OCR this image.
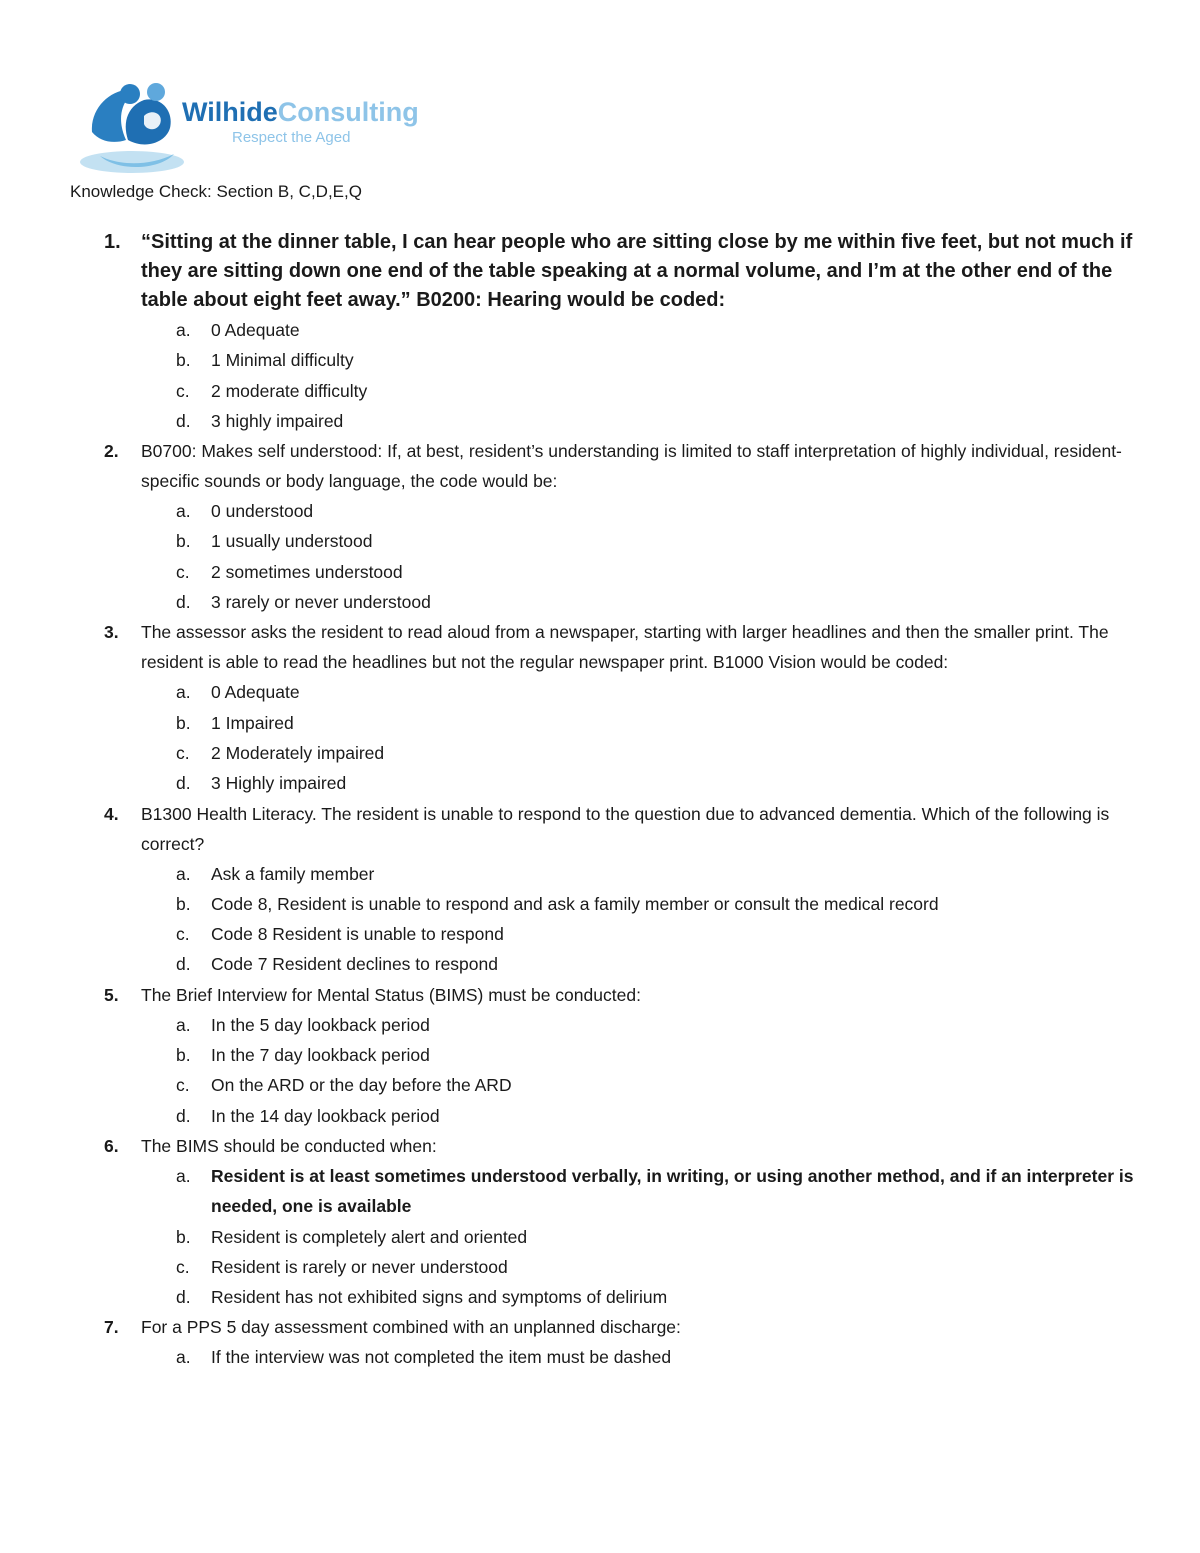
WilhideConsulting
Respect the Aged
Knowledge Check: Section B, C,D,E,Q
1. “Sitting at the dinner table, I can hear people who are sitting close by me within five feet, but not much if they are sitting down one end of the table speaking at a normal volume, and I’m at the other end of the table about eight feet away.” B0200: Hearing would be coded:
a. 0 Adequate
b. 1 Minimal difficulty
c. 2 moderate difficulty
d. 3 highly impaired
2. B0700: Makes self understood: If, at best, resident’s understanding is limited to staff interpretation of highly individual, resident-specific sounds or body language, the code would be:
a. 0 understood
b. 1 usually understood
c. 2 sometimes understood
d. 3 rarely or never understood
3. The assessor asks the resident to read aloud from a newspaper, starting with larger headlines and then the smaller print. The resident is able to read the headlines but not the regular newspaper print. B1000 Vision would be coded:
a. 0 Adequate
b. 1 Impaired
c. 2 Moderately impaired
d. 3 Highly impaired
4. B1300 Health Literacy. The resident is unable to respond to the question due to advanced dementia. Which of the following is correct?
a. Ask a family member
b. Code 8, Resident is unable to respond and ask a family member or consult the medical record
c. Code 8 Resident is unable to respond
d. Code 7 Resident declines to respond
5. The Brief Interview for Mental Status (BIMS) must be conducted:
a. In the 5 day lookback period
b. In the 7 day lookback period
c. On the ARD or the day before the ARD
d. In the 14 day lookback period
6. The BIMS should be conducted when:
a. Resident is at least sometimes understood verbally, in writing, or using another method, and if an interpreter is needed, one is available
b. Resident is completely alert and oriented
c. Resident is rarely or never understood
d. Resident has not exhibited signs and symptoms of delirium
7. For a PPS 5 day assessment combined with an unplanned discharge:
a. If the interview was not completed the item must be dashed
